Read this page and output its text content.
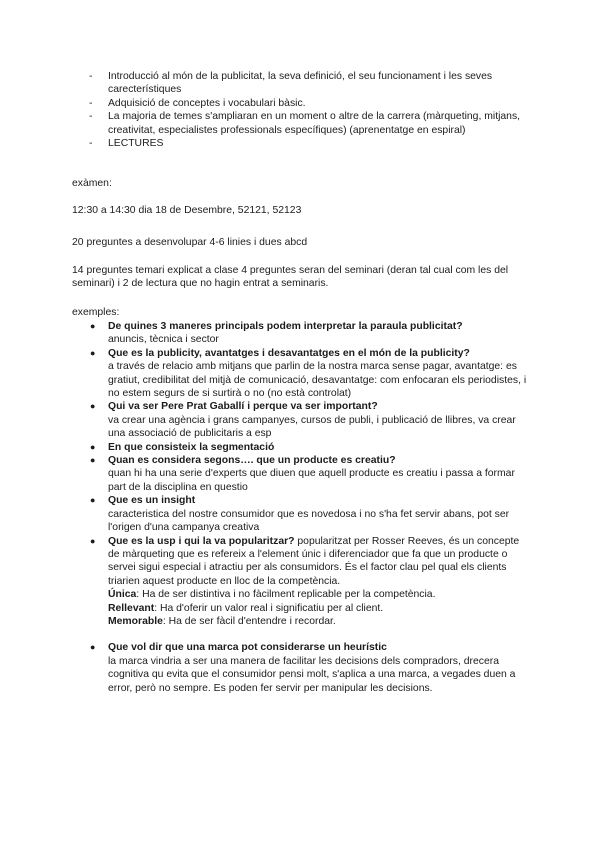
- Introducció al món de la publicitat, la seva definició, el seu funcionament i les seves carecterístiques
- Adquisició de conceptes i vocabulari bàsic.
- La majoria de temes s'ampliaran en un moment o altre de la carrera (màrqueting, mitjans, creativitat, especialistes professionals específiques) (aprenentatge en espiral)
- LECTURES

exàmen:

12:30 a 14:30 dia 18 de Desembre, 52121, 52123

20 preguntes a desenvolupar 4-6 linies i dues abcd

14 preguntes temari explicat a clase 4 preguntes seran del seminari (deran tal cual com les del seminari) i 2 de lectura que no hagin entrat a seminaris.

exemples:

● De quines 3 maneres principals podem interpretar la paraula publicitat?
anuncis, tècnica i sector
● Que es la publicity, avantatges i desavantatges en el món de la publicity?
a través de relacio amb mitjans que parlin de la nostra marca sense pagar, avantatge: es gratiut, credibilitat del mitjà de comunicació, desavantatge: com enfocaran els periodistes, i no estem segurs de si surtirà o no (no està controlat)
● Qui va ser Pere Prat Gaballí i perque va ser important?
va crear una agència i grans campanyes, cursos de publi, i publicació de llibres, va crear una associació de publicitaris a esp
● En que consisteix la segmentació
● Quan es considera segons…. que un producte es creatiu?
quan hi ha una serie d'experts que diuen que aquell producte es creatiu i passa a formar part de la disciplina en questio
● Que es un insight
caracteristica del nostre consumidor que es novedosa i no s'ha fet servir abans, pot ser l'origen d'una campanya creativa
● Que es la usp i qui la va popularitzar? popularitzat per Rosser Reeves, és un concepte de màrqueting que es refereix a l'element únic i diferenciador que fa que un producte o servei sigui especial i atractiu per als consumidors. És el factor clau pel qual els clients triarien aquest producte en lloc de la competència.
Única: Ha de ser distintiva i no fàcilment replicable per la competència.
Rellevant: Ha d'oferir un valor real i significatiu per al client.
Memorable: Ha de ser fàcil d'entendre i recordar.
● Que vol dir que una marca pot considerarse un heurístic
la marca vindria a ser una manera de facilitar les decisions dels compradors, drecera cognitiva qu evita que el consumidor pensi molt, s'aplica a una marca, a vegades duen a error, però no sempre. Es poden fer servir per manipular les decisions.
